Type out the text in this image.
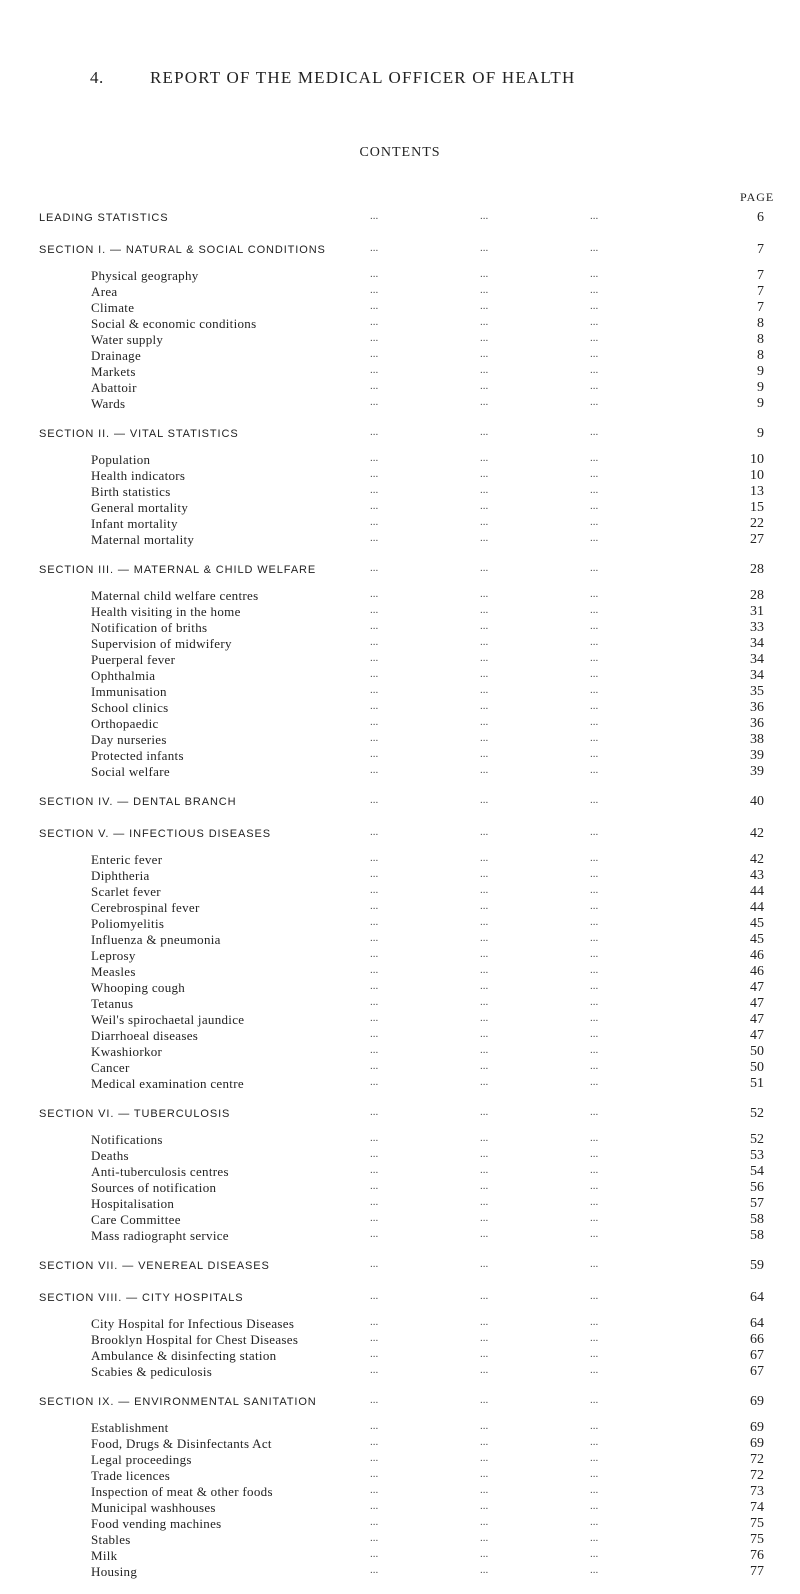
4.	REPORT OF THE MEDICAL OFFICER OF HEALTH
CONTENTS
PAGE
LEADING STATISTICS	...	...	...	6
SECTION I. — NATURAL & SOCIAL CONDITIONS	...	...	...	7
Physical geography	...	...	...	7
Area	...	...	...	7
Climate	...	...	...	7
Social & economic conditions	...	...	...	8
Water supply	...	...	...	8
Drainage	...	...	...	8
Markets	...	...	...	9
Abattoir	...	...	...	9
Wards	...	...	...	9
SECTION II. — VITAL STATISTICS	...	...	...	9
Population	...	...	...	10
Health indicators	...	...	...	10
Birth statistics	...	...	...	13
General mortality	...	...	...	15
Infant mortality	...	...	...	22
Maternal mortality	...	...	...	27
SECTION III. — MATERNAL & CHILD WELFARE	...	...	...	28
Maternal child welfare centres	...	...	...	28
Health visiting in the home	...	...	...	31
Notification of briths	...	...	...	33
Supervision of midwifery	...	...	...	34
Puerperal fever	...	...	...	34
Ophthalmia	...	...	...	34
Immunisation	...	...	...	35
School clinics	...	...	...	36
Orthopaedic	...	...	...	36
Day nurseries	...	...	...	38
Protected infants	...	...	...	39
Social welfare	...	...	...	39
SECTION IV. — DENTAL BRANCH	...	...	...	40
SECTION V. — INFECTIOUS DISEASES	...	...	...	42
Enteric fever	...	...	...	42
Diphtheria	...	...	...	43
Scarlet fever	...	...	...	44
Cerebrospinal fever	...	...	...	44
Poliomyelitis	...	...	...	45
Influenza & pneumonia	...	...	...	45
Leprosy	...	...	...	46
Measles	...	...	...	46
Whooping cough	...	...	...	47
Tetanus	...	...	...	47
Weil's spirochaetal jaundice	...	...	...	47
Diarrhoeal diseases	...	...	...	47
Kwashiorkor	...	...	...	50
Cancer	...	...	...	50
Medical examination centre	...	...	...	51
SECTION VI. — TUBERCULOSIS	...	...	...	52
Notifications	...	...	...	52
Deaths	...	...	...	53
Anti-tuberculosis centres	...	...	...	54
Sources of notification	...	...	...	56
Hospitalisation	...	...	...	57
Care Committee	...	...	...	58
Mass radiographt service	...	...	...	58
SECTION VII. — VENEREAL DISEASES	...	...	...	59
SECTION VIII. — CITY HOSPITALS	...	...	...	64
City Hospital for Infectious Diseases	...	...	...	64
Brooklyn Hospital for Chest Diseases	...	...	...	66
Ambulance & disinfecting station	...	...	...	67
Scabies & pediculosis	...	...	...	67
SECTION IX. — ENVIRONMENTAL SANITATION	...	...	...	69
Establishment	...	...	...	69
Food, Drugs & Disinfectants Act	...	...	...	69
Legal proceedings	...	...	...	72
Trade licences	...	...	...	72
Inspection of meat & other foods	...	...	...	73
Municipal washhouses	...	...	...	74
Food vending machines	...	...	...	75
Stables	...	...	...	75
Milk	...	...	...	76
Housing	...	...	...	77
